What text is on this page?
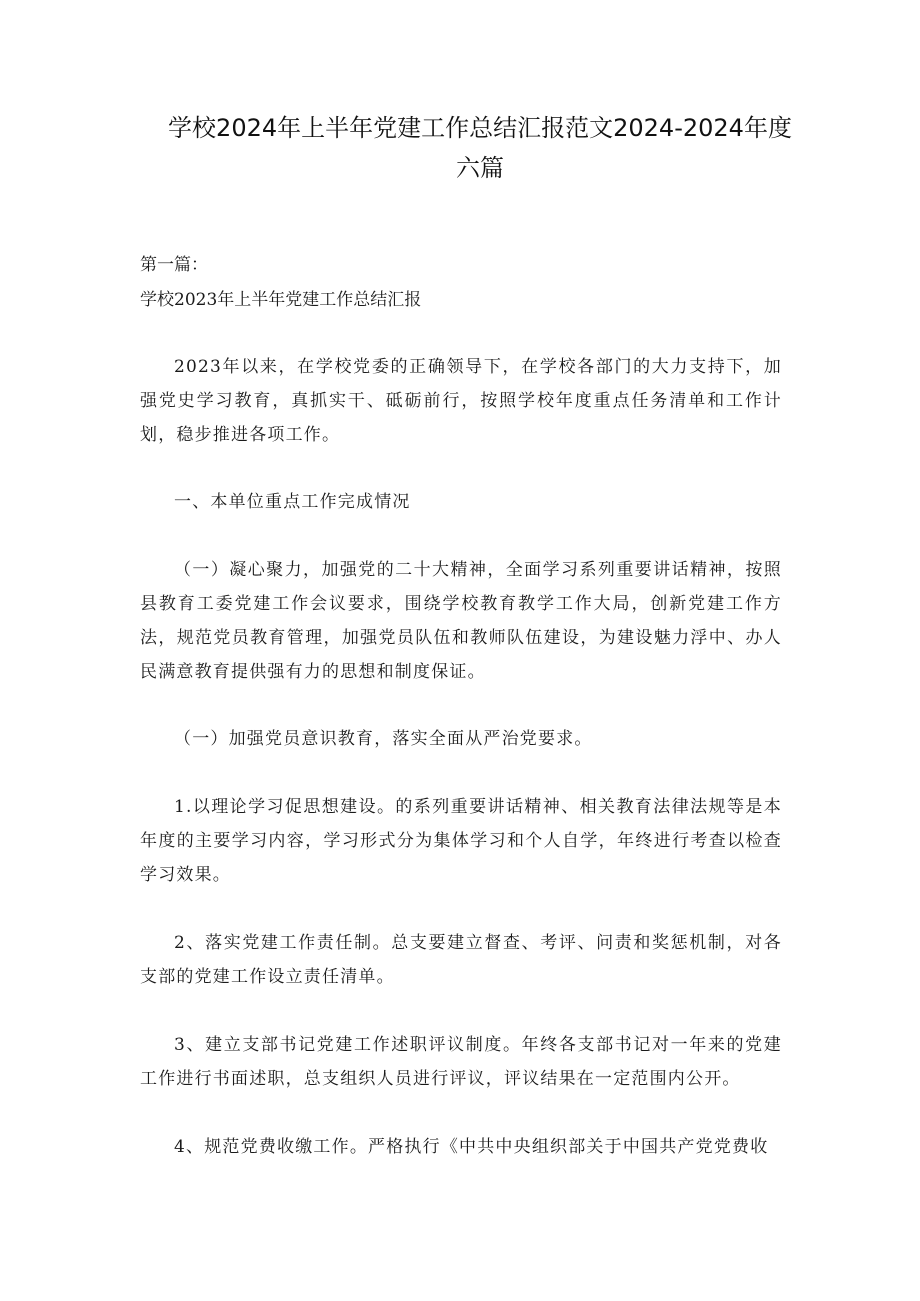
学校2024年上半年党建工作总结汇报范文2024-2024年度
六篇
第一篇：
学校2023年上半年党建工作总结汇报
2023年以来，在学校党委的正确领导下，在学校各部门的大力支持下，加强党史学习教育，真抓实干、砥砺前行，按照学校年度重点任务清单和工作计划，稳步推进各项工作。
一、本单位重点工作完成情况
（一）凝心聚力，加强党的二十大精神，全面学习系列重要讲话精神，按照县教育工委党建工作会议要求，围绕学校教育教学工作大局，创新党建工作方法，规范党员教育管理，加强党员队伍和教师队伍建设，为建设魅力浮中、办人民满意教育提供强有力的思想和制度保证。
（一）加强党员意识教育，落实全面从严治党要求。
1.以理论学习促思想建设。的系列重要讲话精神、相关教育法律法规等是本年度的主要学习内容，学习形式分为集体学习和个人自学，年终进行考查以检查学习效果。
2、落实党建工作责任制。总支要建立督查、考评、问责和奖惩机制，对各支部的党建工作设立责任清单。
3、建立支部书记党建工作述职评议制度。年终各支部书记对一年来的党建工作进行书面述职，总支组织人员进行评议，评议结果在一定范围内公开。
4、规范党费收缴工作。严格执行《中共中央组织部关于中国共产党党费收
